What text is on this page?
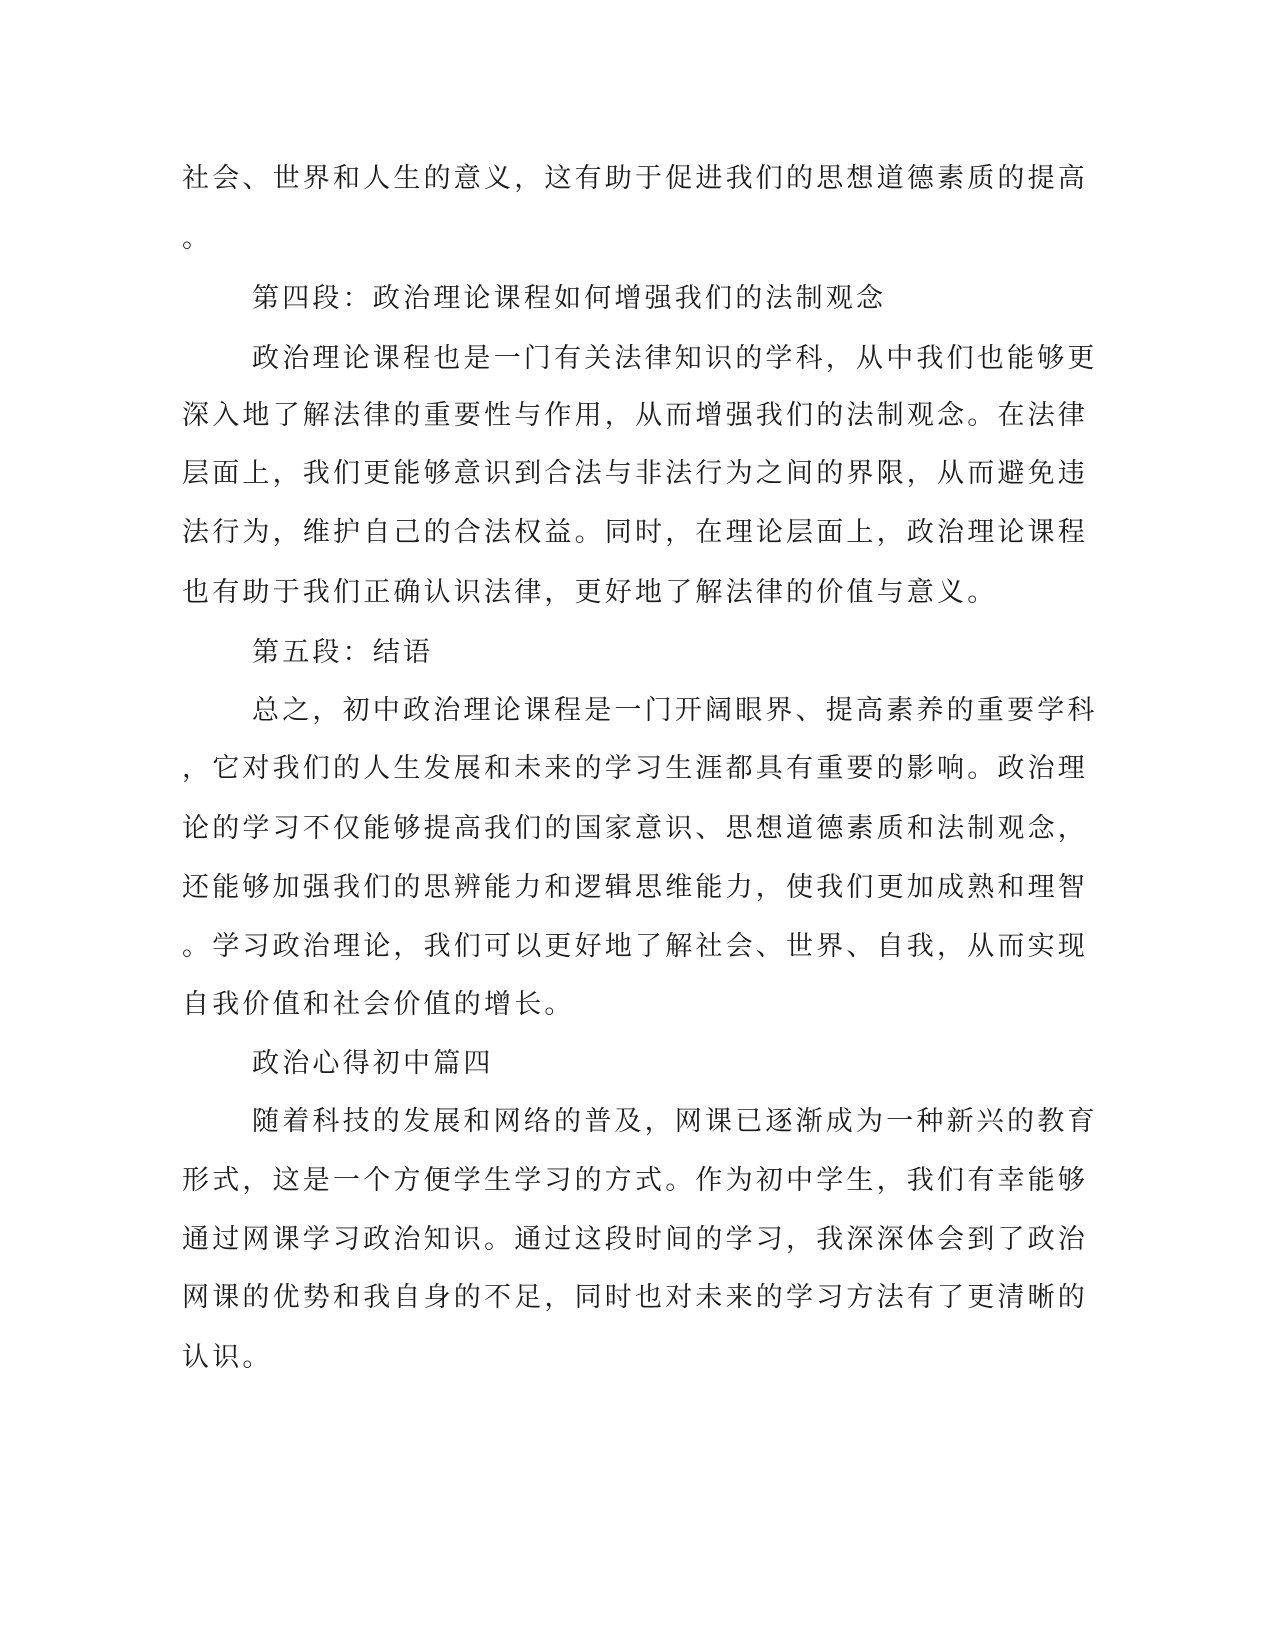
社会、世界和人生的意义，这有助于促进我们的思想道德素质的提高

。

第四段：政治理论课程如何增强我们的法制观念

政治理论课程也是一门有关法律知识的学科，从中我们也能够更

深入地了解法律的重要性与作用，从而增强我们的法制观念。在法律

层面上，我们更能够意识到合法与非法行为之间的界限，从而避免违

法行为，维护自己的合法权益。同时，在理论层面上，政治理论课程

也有助于我们正确认识法律，更好地了解法律的价值与意义。

第五段：结语

总之，初中政治理论课程是一门开阔眼界、提高素养的重要学科

，它对我们的人生发展和未来的学习生涯都具有重要的影响。政治理

论的学习不仅能够提高我们的国家意识、思想道德素质和法制观念，

还能够加强我们的思辨能力和逻辑思维能力，使我们更加成熟和理智

。学习政治理论，我们可以更好地了解社会、世界、自我，从而实现

自我价值和社会价值的增长。

政治心得初中篇四

随着科技的发展和网络的普及，网课已逐渐成为一种新兴的教育

形式，这是一个方便学生学习的方式。作为初中学生，我们有幸能够

通过网课学习政治知识。通过这段时间的学习，我深深体会到了政治

网课的优势和我自身的不足，同时也对未来的学习方法有了更清晰的

认识。
